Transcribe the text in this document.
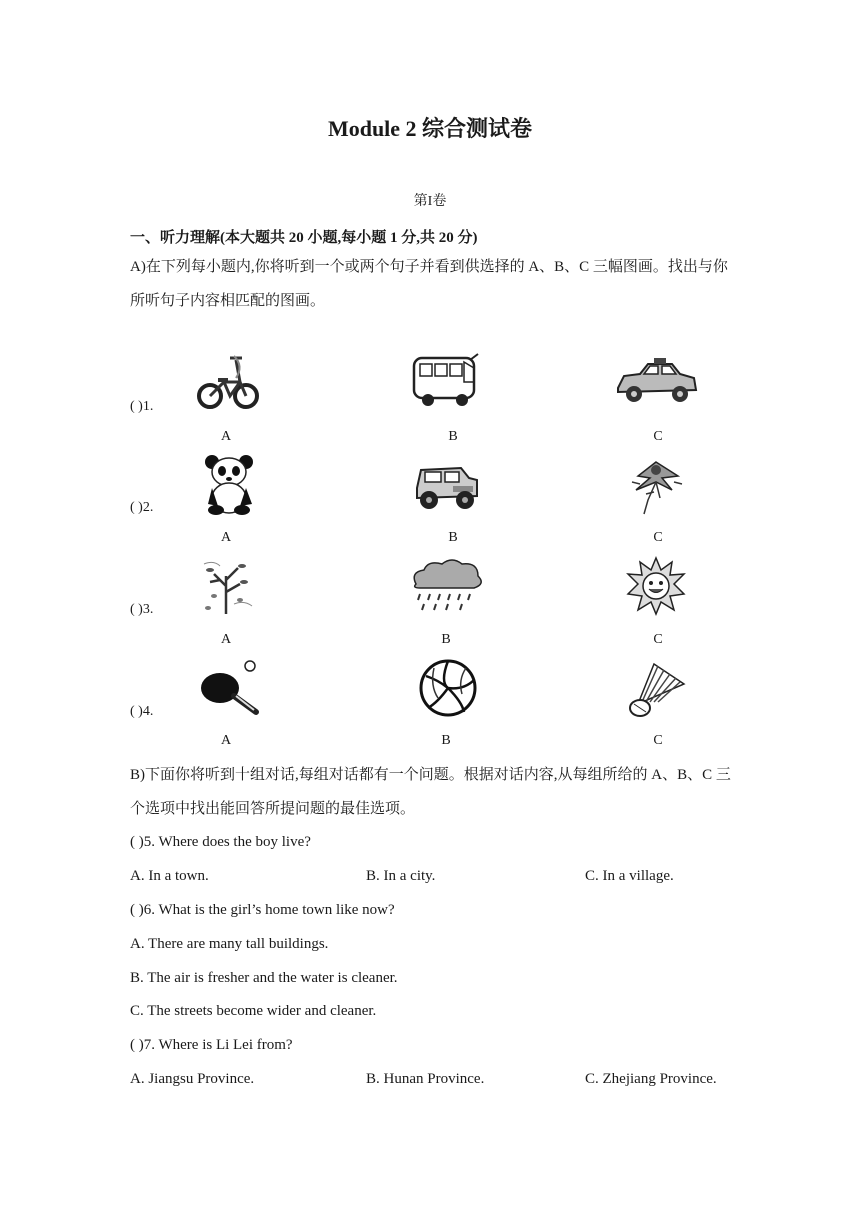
Module 2 综合测试卷
第I卷
一、听力理解(本大题共 20 小题,每小题 1 分,共 20 分)
A)在下列每小题内,你将听到一个或两个句子并看到供选择的 A、B、C 三幅图画。找出与你所听句子内容相匹配的图画。
( )1.
A	B	C
( )2.
A	B	C
( )3.
A	B	C
( )4.
A	B	C
B)下面你将听到十组对话,每组对话都有一个问题。根据对话内容,从每组所给的 A、B、C 三个选项中找出能回答所提问题的最佳选项。
( )5. Where does the boy live?
A. In a town.	B. In a city.	C. In a village.
( )6. What is the girl’s home town like now?
A. There are many tall buildings.
B. The air is fresher and the water is cleaner.
C. The streets become wider and cleaner.
( )7. Where is Li Lei from?
A. Jiangsu Province.	B. Hunan Province.	C. Zhejiang Province.
